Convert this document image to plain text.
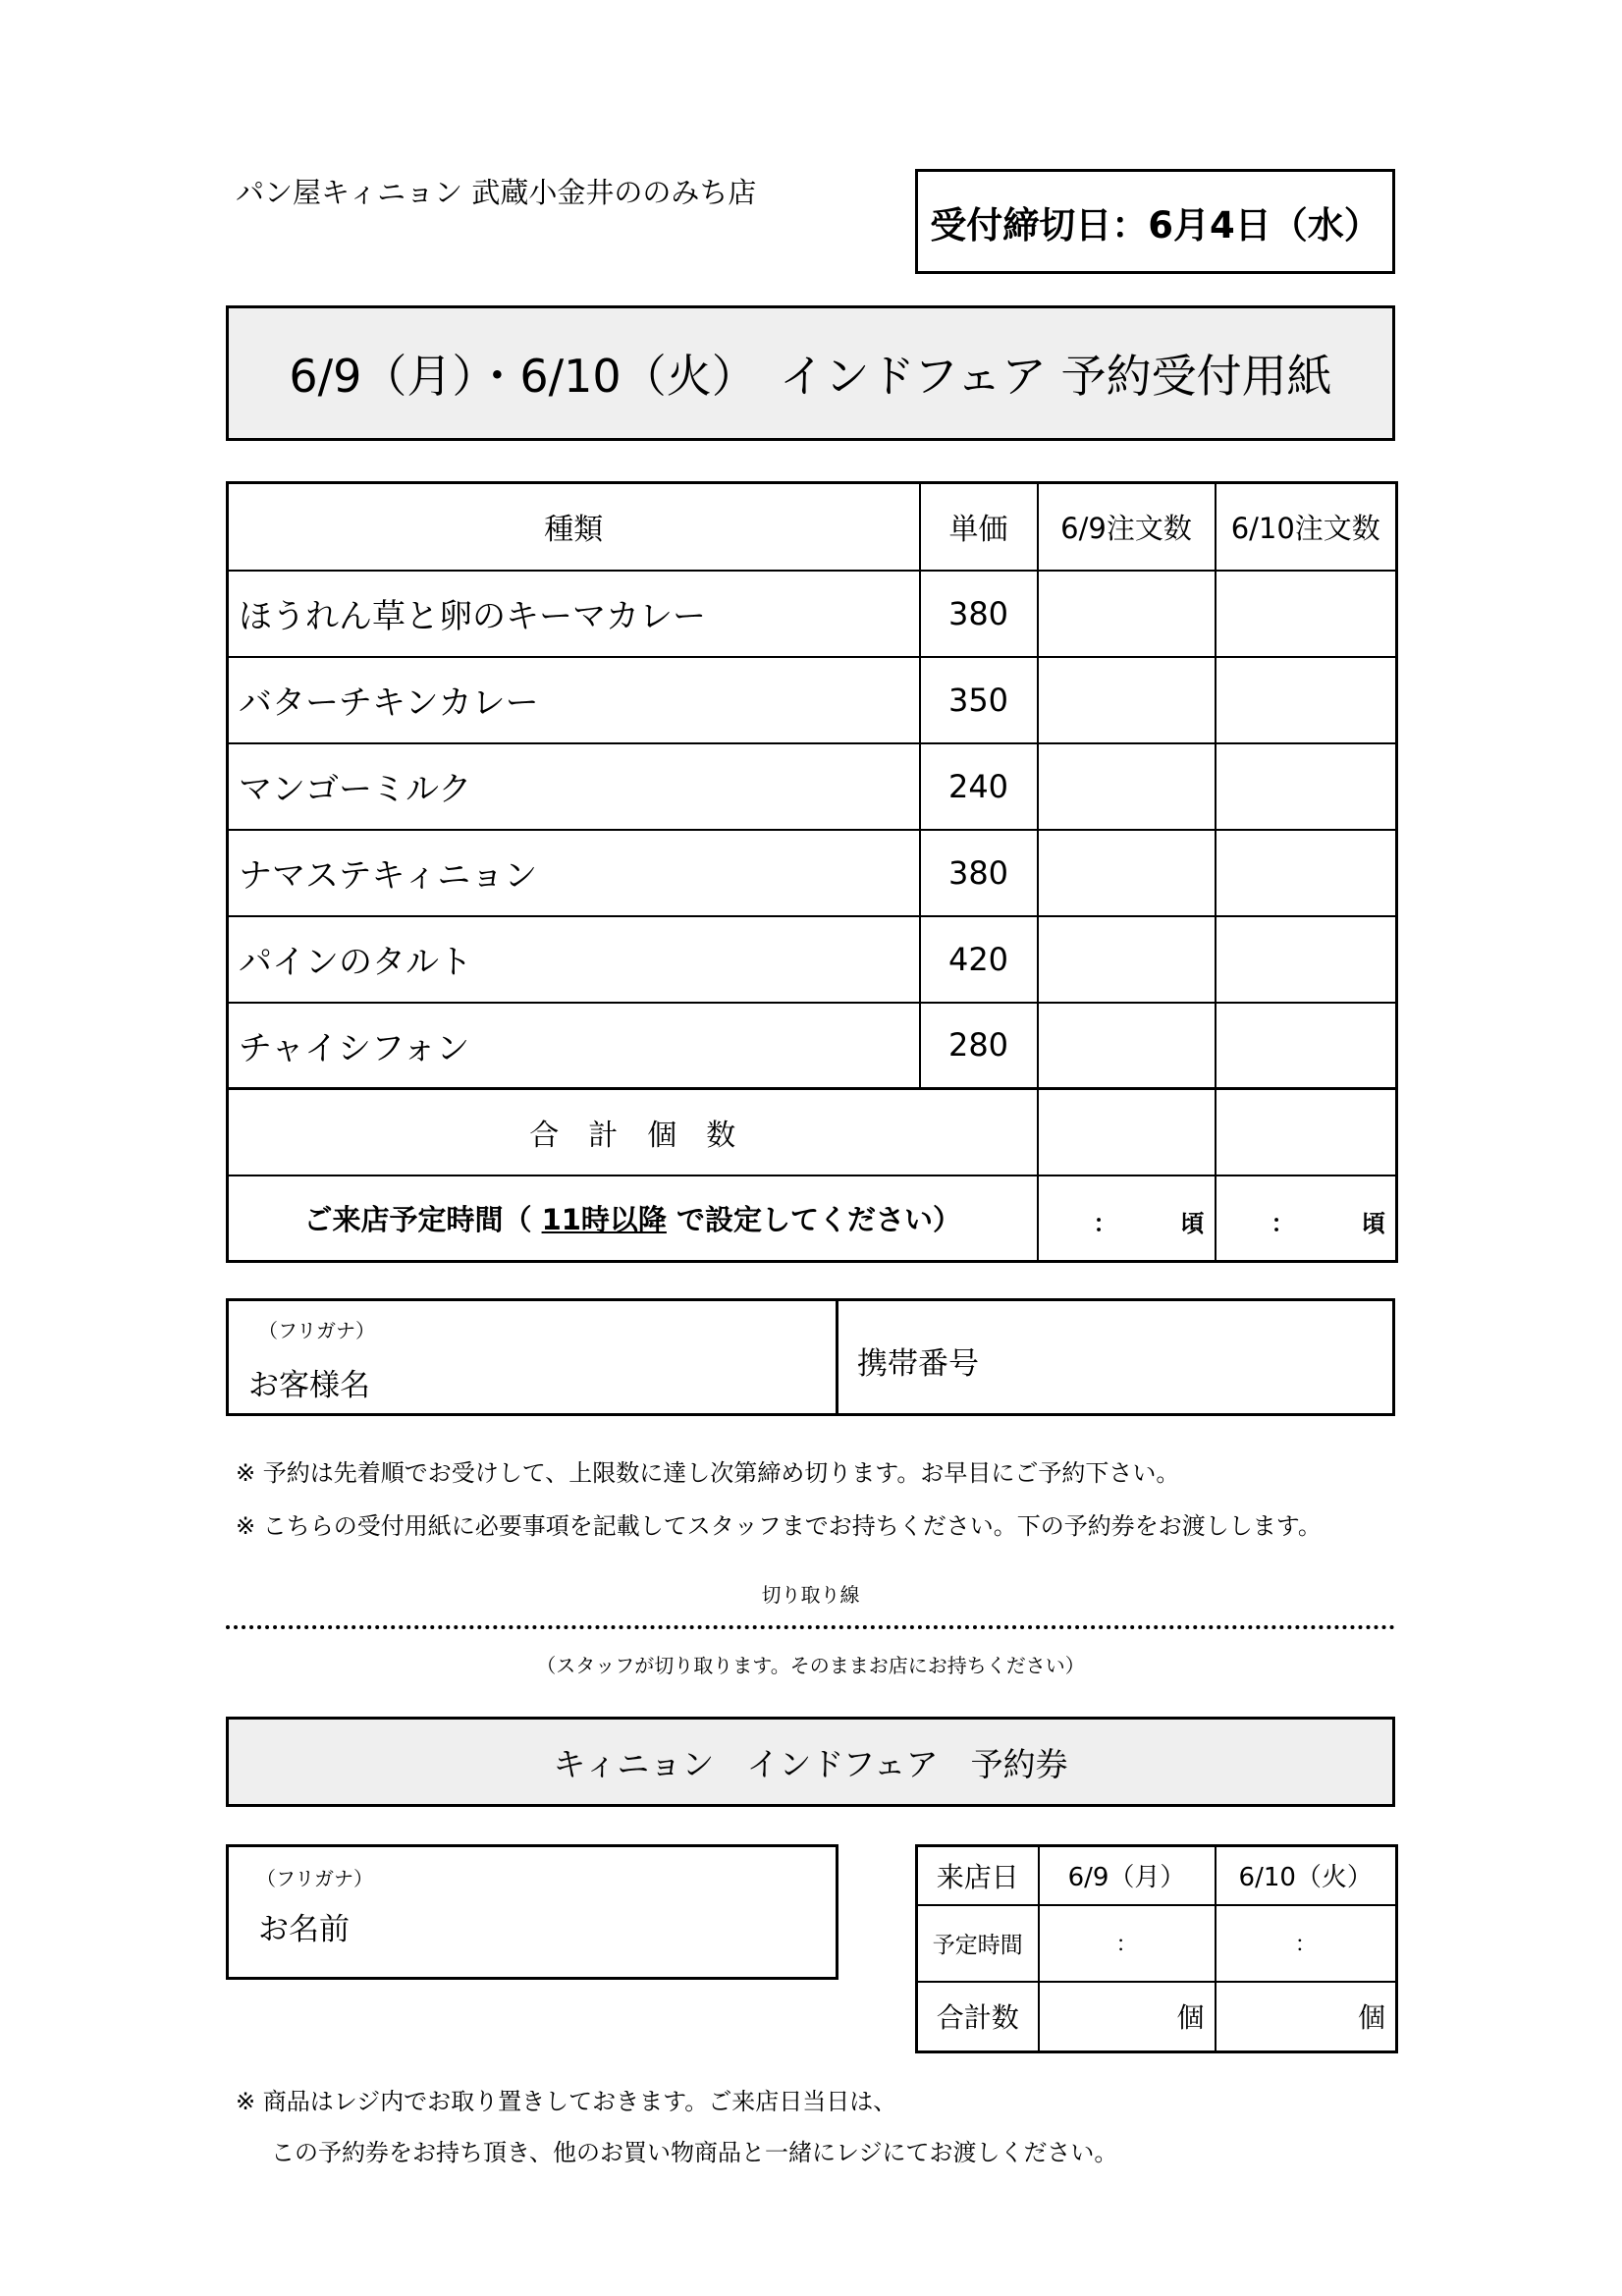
パン屋キィニョン 武蔵小金井ののみち店
受付締切日：6月4日（水）
6/9（月）・6/10（火）　インドフェア 予約受付用紙
種類	単価	6/9注文数	6/10注文数
ほうれん草と卵のキーマカレー	380		
バターチキンカレー	350		
マンゴーミルク	240		
ナマステキィニョン	380		
パインのタルト	420		
チャイシフォン	280		
合　計　個　数			
ご来店予定時間（ 11時以降 で設定してください）		： 頃	： 頃
（フリガナ）
お客様名
携帯番号
※ 予約は先着順でお受けして、上限数に達し次第締め切ります。お早目にご予約下さい。
※ こちらの受付用紙に必要事項を記載してスタッフまでお持ちください。下の予約券をお渡しします。
切り取り線
（スタッフが切り取ります。そのままお店にお持ちください）
キィニョン　インドフェア　予約券
（フリガナ）
お名前
来店日	6/9（月）	6/10（火）
予定時間	：	：
合計数	個	個
※ 商品はレジ内でお取り置きしておきます。ご来店日当日は、
この予約券をお持ち頂き、他のお買い物商品と一緒にレジにてお渡しください。
